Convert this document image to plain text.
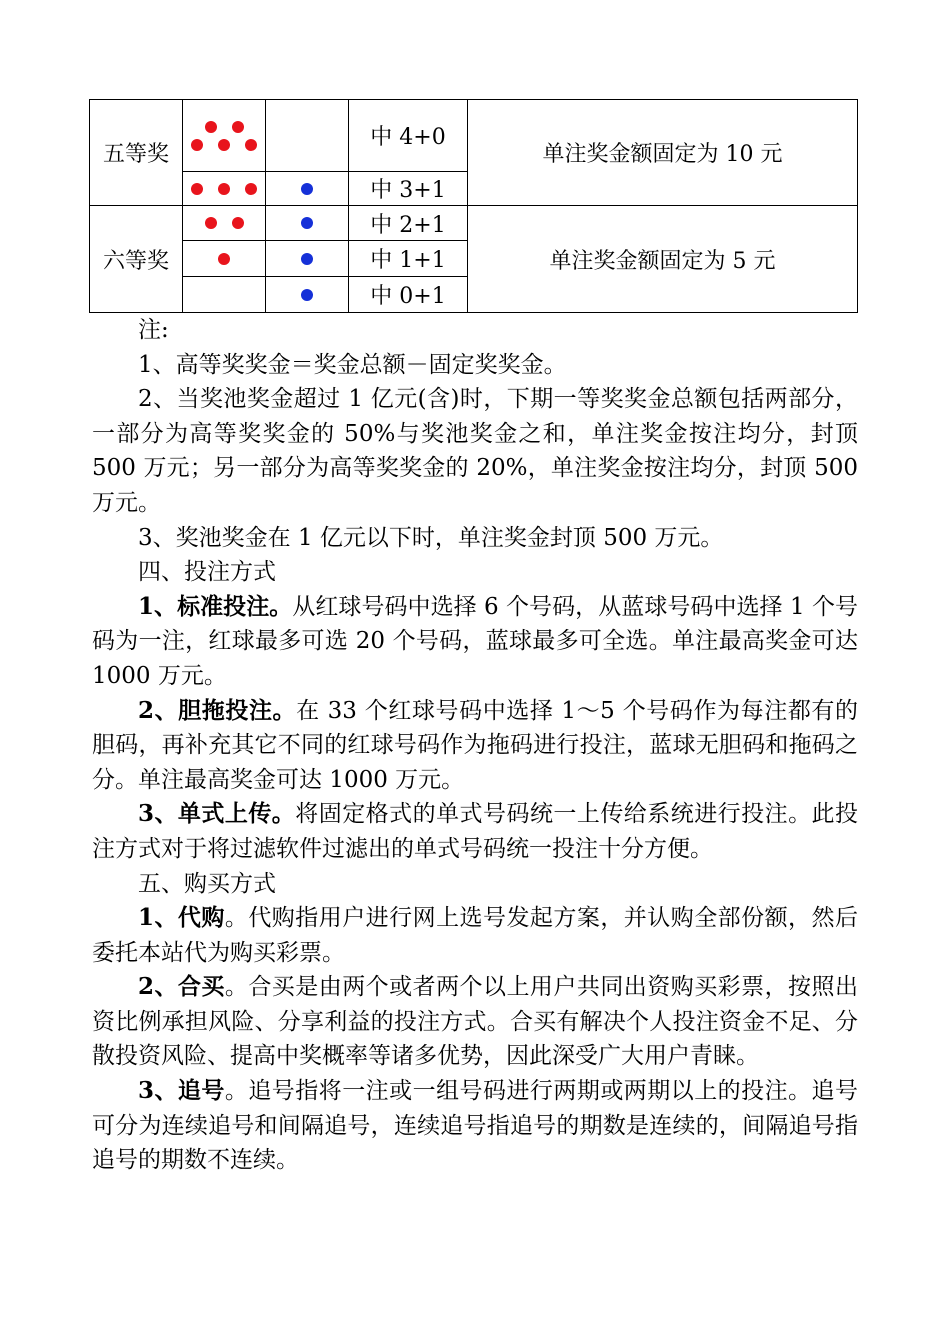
五等奖			中 4+0	单注奖金额固定为 10 元

		中 3+1	
六等奖			中 2+1	单注奖金额固定为 5 元

		中 1+1	

		中 0+1	

注:

1、高等奖奖金＝奖金总额－固定奖奖金。

2、当奖池奖金超过 1 亿元(含)时，下期一等奖奖金总额包括两部分，一部分为高等奖奖金的 50%与奖池奖金之和，单注奖金按注均分，封顶 500 万元；另一部分为高等奖奖金的 20%，单注奖金按注均分，封顶 500 万元。

3、奖池奖金在 1 亿元以下时，单注奖金封顶 500 万元。

四、投注方式

1、标准投注。从红球号码中选择 6 个号码，从蓝球号码中选择 1 个号码为一注，红球最多可选 20 个号码，蓝球最多可全选。单注最高奖金可达 1000 万元。

2、胆拖投注。在 33 个红球号码中选择 1～5 个号码作为每注都有的胆码，再补充其它不同的红球号码作为拖码进行投注，蓝球无胆码和拖码之分。单注最高奖金可达 1000 万元。

3、单式上传。将固定格式的单式号码统一上传给系统进行投注。此投注方式对于将过滤软件过滤出的单式号码统一投注十分方便。

五、购买方式

1、代购。代购指用户进行网上选号发起方案，并认购全部份额，然后委托本站代为购买彩票。

2、合买。合买是由两个或者两个以上用户共同出资购买彩票，按照出资比例承担风险、分享利益的投注方式。合买有解决个人投注资金不足、分散投资风险、提高中奖概率等诸多优势，因此深受广大用户青睐。

3、追号。追号指将一注或一组号码进行两期或两期以上的投注。追号可分为连续追号和间隔追号，连续追号指追号的期数是连续的，间隔追号指追号的期数不连续。
